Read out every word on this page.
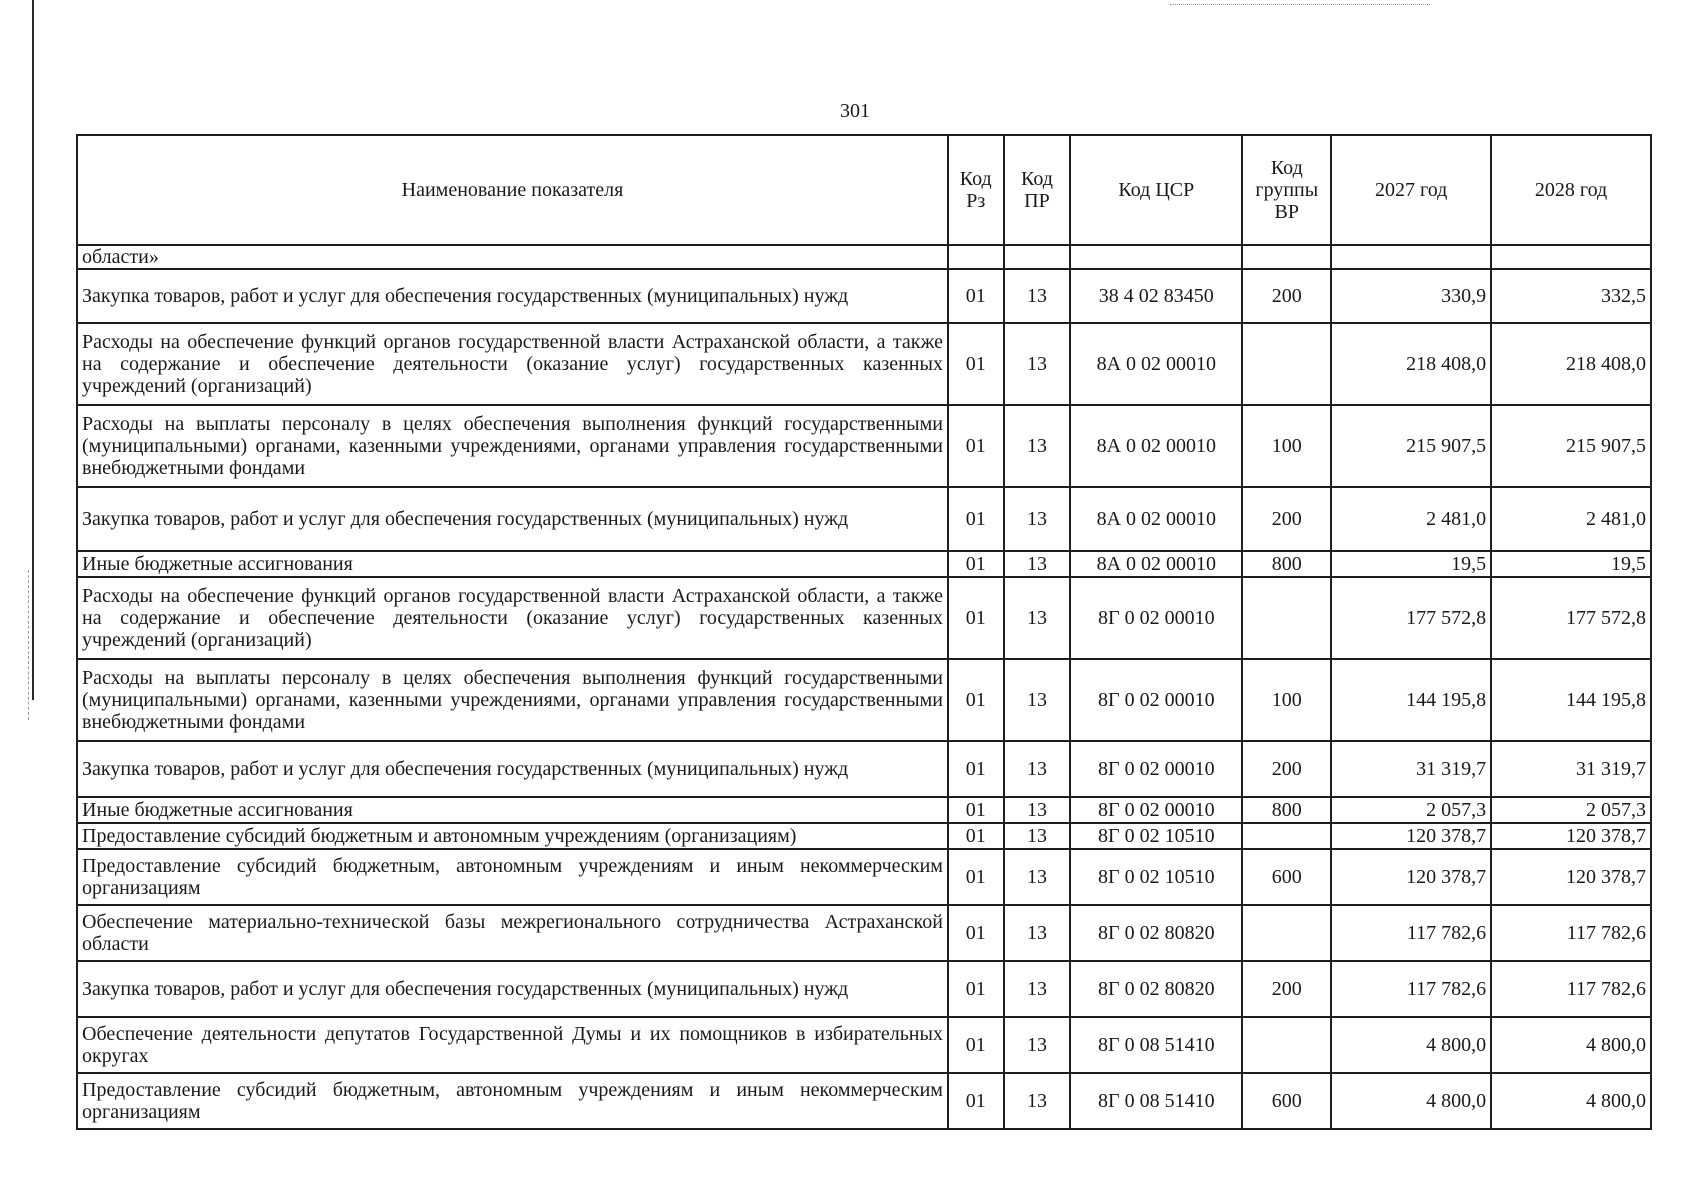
301
Наименование показателя	Код Рз	Код ПР	Код ЦСР	Код группы ВР	2027 год	2028 год
области»						
Закупка товаров, работ и услуг для обеспечения государственных (муниципальных) нужд	01	13	38 4 02 83450	200	330,9	332,5
Расходы на обеспечение функций органов государственной власти Астраханской области, а также на содержание и обеспечение деятельности (оказание услуг) государственных казенных учреждений (организаций)	01	13	8А 0 02 00010		218 408,0	218 408,0
Расходы на выплаты персоналу в целях обеспечения выполнения функций государственными (муниципальными) органами, казенными учреждениями, органами управления государственными внебюджетными фондами	01	13	8А 0 02 00010	100	215 907,5	215 907,5
Закупка товаров, работ и услуг для обеспечения государственных (муниципальных) нужд	01	13	8А 0 02 00010	200	2 481,0	2 481,0
Иные бюджетные ассигнования	01	13	8А 0 02 00010	800	19,5	19,5
Расходы на обеспечение функций органов государственной власти Астраханской области, а также на содержание и обеспечение деятельности (оказание услуг) государственных казенных учреждений (организаций)	01	13	8Г 0 02 00010		177 572,8	177 572,8
Расходы на выплаты персоналу в целях обеспечения выполнения функций государственными (муниципальными) органами, казенными учреждениями, органами управления государственными внебюджетными фондами	01	13	8Г 0 02 00010	100	144 195,8	144 195,8
Закупка товаров, работ и услуг для обеспечения государственных (муниципальных) нужд	01	13	8Г 0 02 00010	200	31 319,7	31 319,7
Иные бюджетные ассигнования	01	13	8Г 0 02 00010	800	2 057,3	2 057,3
Предоставление субсидий бюджетным и автономным учреждениям (организациям)	01	13	8Г 0 02 10510		120 378,7	120 378,7
Предоставление субсидий бюджетным, автономным учреждениям и иным некоммерческим организациям	01	13	8Г 0 02 10510	600	120 378,7	120 378,7
Обеспечение материально-технической базы межрегионального сотрудничества Астраханской области	01	13	8Г 0 02 80820		117 782,6	117 782,6
Закупка товаров, работ и услуг для обеспечения государственных (муниципальных) нужд	01	13	8Г 0 02 80820	200	117 782,6	117 782,6
Обеспечение деятельности депутатов Государственной Думы и их помощников в избирательных округах	01	13	8Г 0 08 51410		4 800,0	4 800,0
Предоставление субсидий бюджетным, автономным учреждениям и иным некоммерческим организациям	01	13	8Г 0 08 51410	600	4 800,0	4 800,0
